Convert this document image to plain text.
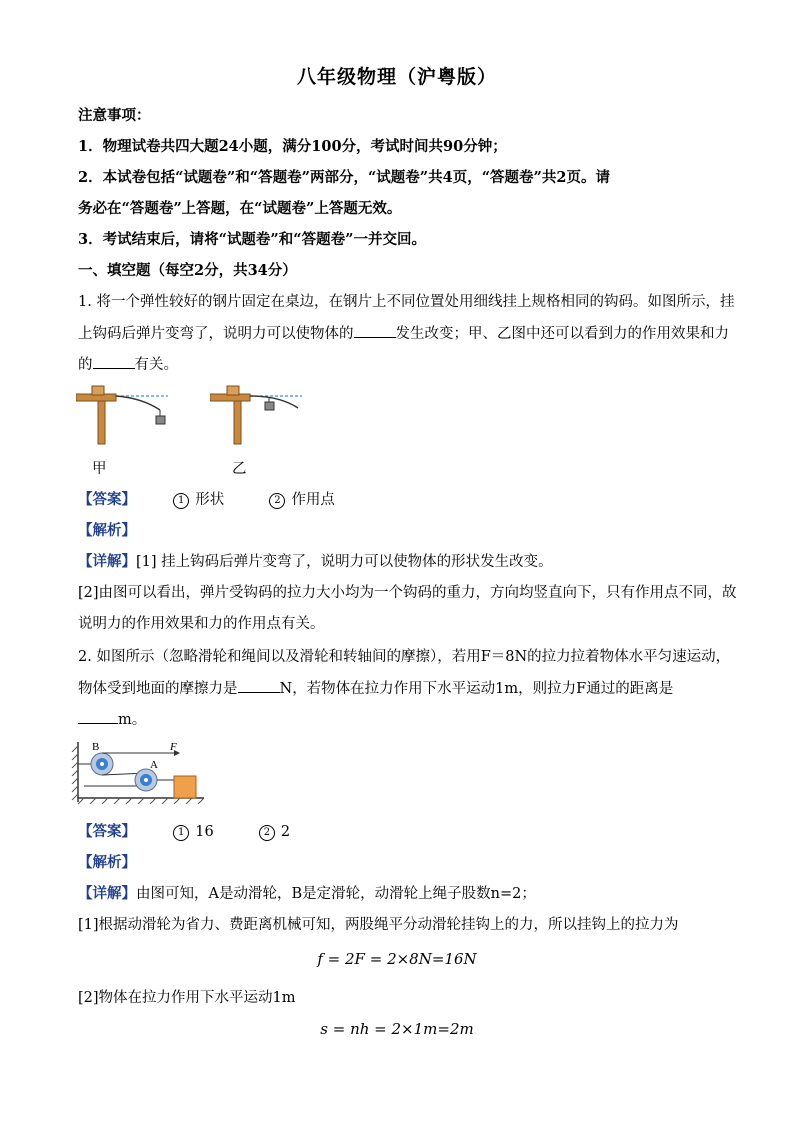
八年级物理（沪粤版）
注意事项：
1．物理试卷共四大题24小题，满分100分，考试时间共90分钟；
2．本试卷包括“试题卷”和“答题卷”两部分，“试题卷”共4页，“答题卷”共2页。请
务必在“答题卷”上答题，在“试题卷”上答题无效。
3．考试结束后，请将“试题卷”和“答题卷”一并交回。
一、填空题（每空2分，共34分）
1. 将一个弹性较好的钢片固定在桌边，在钢片上不同位置处用细线挂上规格相同的钩码。如图所示，挂
上钩码后弹片变弯了，说明力可以使物体的	发生改变；甲、乙图中还可以看到力的作用效果和力
的	有关。
甲	乙
【答案】	1 形状	2 作用点
【解析】
【详解】[1] 挂上钩码后弹片变弯了，说明力可以使物体的形状发生改变。
[2]由图可以看出，弹片受钩码的拉力大小均为一个钩码的重力，方向均竖直向下，只有作用点不同，故
说明力的作用效果和力的作用点有关。
2. 如图所示（忽略滑轮和绳间以及滑轮和转轴间的摩擦），若用F＝8N的拉力拉着物体水平匀速运动，
物体受到地面的摩擦力是	N，若物体在拉力作用下水平运动1m，则拉力F通过的距离是
m。
B
A
F
【答案】	1 16	2 2
【解析】
【详解】由图可知，A是动滑轮，B是定滑轮，动滑轮上绳子股数n=2；
[1]根据动滑轮为省力、费距离机械可知，两股绳平分动滑轮挂钩上的力，所以挂钩上的拉力为
f = 2F = 2×8N=16N
[2]物体在拉力作用下水平运动1m
s = nh = 2×1m=2m
